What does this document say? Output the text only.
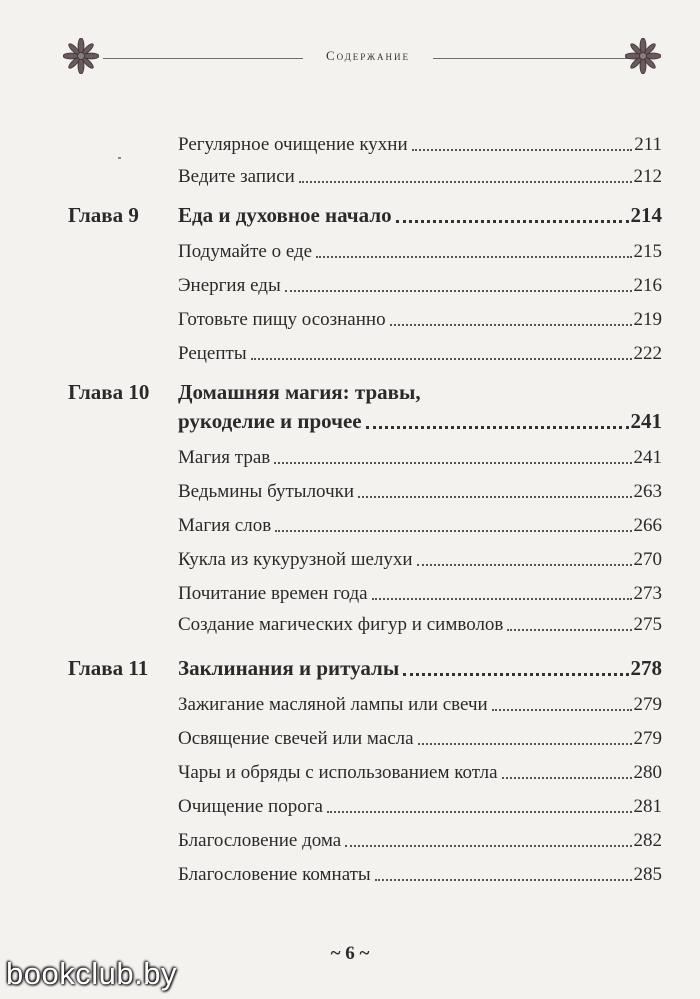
Содержание
Регулярное очищение кухни	211
Ведите записи	212
Глава 9 Еда и духовное начало	214
Подумайте о еде	215
Энергия еды	216
Готовьте пищу осознанно	219
Рецепты	222
Глава 10 Домашняя магия: травы,
рукоделие и прочее	241
Магия трав	241
Ведьмины бутылочки	263
Магия слов	266
Кукла из кукурузной шелухи	270
Почитание времен года	273
Создание магических фигур и символов	275
Глава 11 Заклинания и ритуалы	278
Зажигание масляной лампы или свечи	279
Освящение свечей или масла	279
Чары и обряды с использованием котла	280
Очищение порога	281
Благословение дома	282
Благословение комнаты	285
~ 6 ~
bookclub.by
